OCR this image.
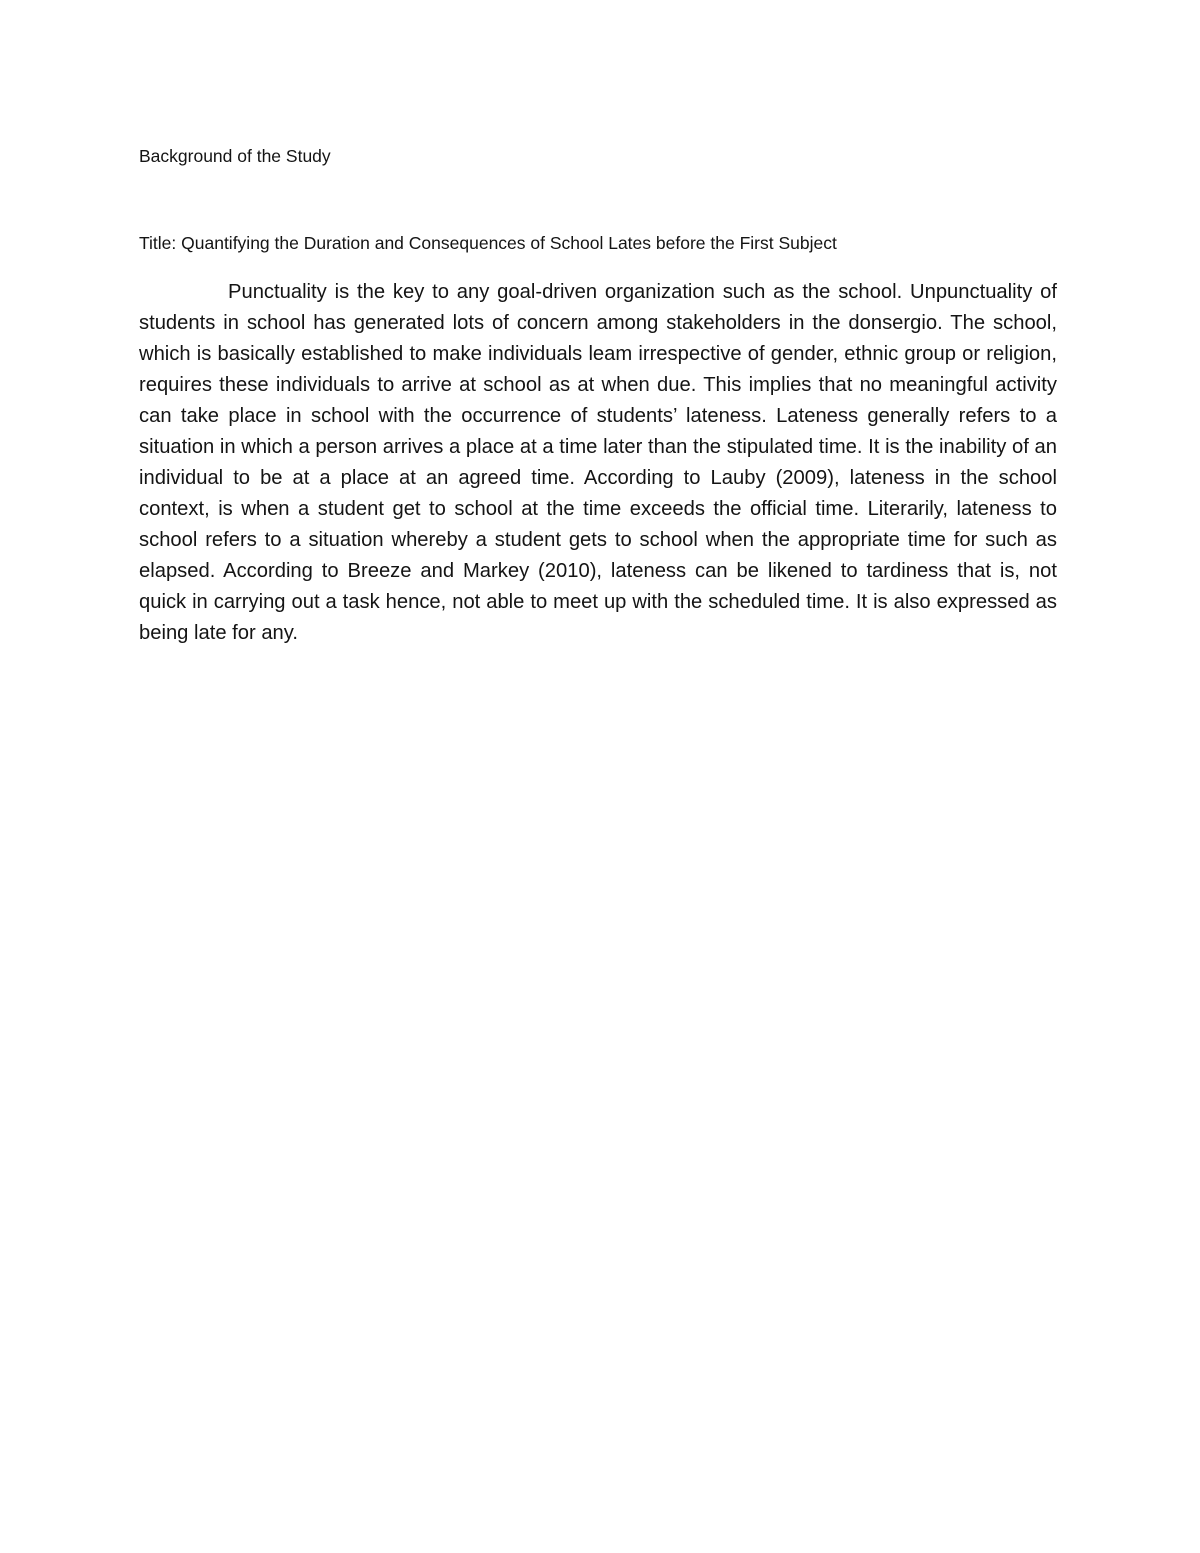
Background of the Study

Title: Quantifying the Duration and Consequences of School Lates before the First Subject

Punctuality is the key to any goal-driven organization such as the school. Unpunctuality of students in school has generated lots of concern among stakeholders in the donsergio. The school, which is basically established to make individuals leam irrespective of gender, ethnic group or religion, requires these individuals to arrive at school as at when due. This implies that no meaningful activity can take place in school with the occurrence of students’ lateness. Lateness generally refers to a situation in which a person arrives a place at a time later than the stipulated time. It is the inability of an individual to be at a place at an agreed time. According to Lauby (2009), lateness in the school context, is when a student get to school at the time exceeds the official time. Literarily, lateness to school refers to a situation whereby a student gets to school when the appropriate time for such as elapsed. According to Breeze and Markey (2010), lateness can be likened to tardiness that is, not quick in carrying out a task hence, not able to meet up with the scheduled time. It is also expressed as being late for any.
